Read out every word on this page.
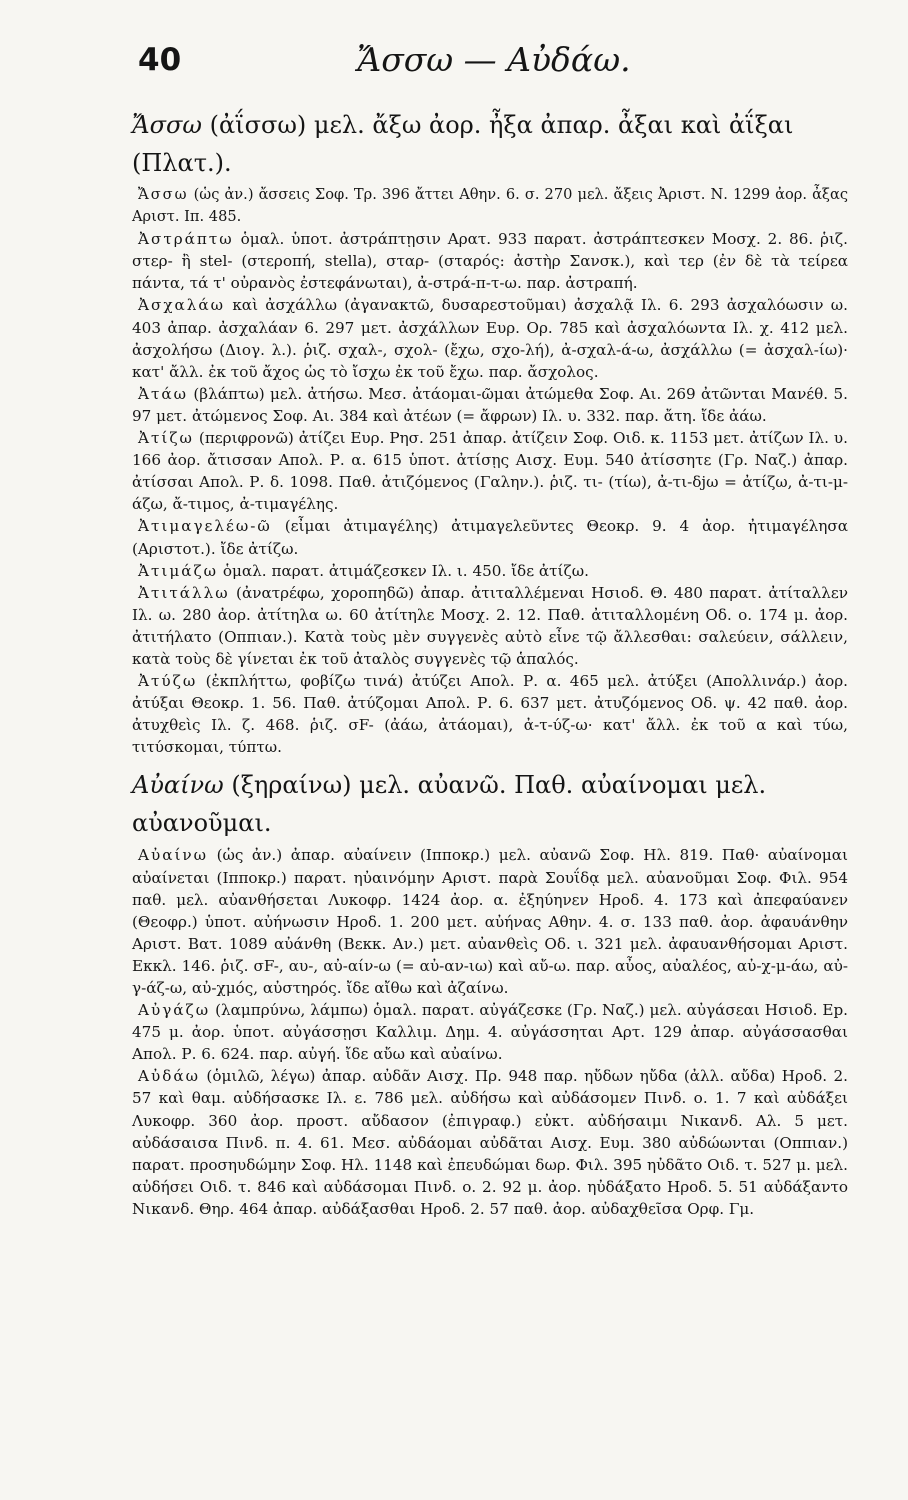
40	Ἄσσω — Αὐδάω.

Ἄσσω (ἀΐσσω) μελ. ἄξω ἀορ. ἦξα ἀπαρ. ἆξαι καὶ ἀΐξαι (Πλατ.).

Ἄσσω (ὡς ἀν.) ἄσσεις Σοφ. Τρ. 396 ἄττει Αθην. 6. σ. 270 μελ. ἄξεις Ἀριστ. Ν. 1299 ἀορ. ἆξας Αριστ. Ιπ. 485.

Ἀστράπτω ὁμαλ. ὑποτ. ἀστράπτῃσιν Αρατ. 933 παρατ. ἀστράπτεσκεν Μοσχ. 2. 86. ῥιζ. στερ- ἢ stel- (στεροπή, stella), σταρ- (σταρός: ἀστὴρ Σανσκ.), καὶ τερ (ἐν δὲ τὰ τείρεα πάντα, τά τ' οὐρανὸς ἐστεφάνωται), ἀ-στρά-π-τ-ω. παρ. ἀστραπή.

Ἀσχαλάω καὶ ἀσχάλλω (ἀγανακτῶ, δυσαρεστοῦμαι) ἀσχαλᾷ Ιλ. 6. 293 ἀσχαλόωσιν ω. 403 ἀπαρ. ἀσχαλάαν 6. 297 μετ. ἀσχάλλων Ευρ. Ορ. 785 καὶ ἀσχαλόωντα Ιλ. χ. 412 μελ. ἀσχολήσω (Διογ. λ.). ῥιζ. σχαλ-, σχολ- (ἔχω, σχο-λή), ἀ-σχαλ-ά-ω, ἀσχάλλω (= ἀσχαλ-ίω)· κατ' ἄλλ. ἐκ τοῦ ἄχος ὡς τὸ ἴσχω ἐκ τοῦ ἔχω. παρ. ἄσχολος.

Ἀτάω (βλάπτω) μελ. ἀτήσω. Μεσ. ἀτάομαι-ῶμαι ἀτώμεθα Σοφ. Αι. 269 ἀτῶνται Μανέθ. 5. 97 μετ. ἀτώμενος Σοφ. Αι. 384 καὶ ἀτέων (= ἄφρων) Ιλ. υ. 332. παρ. ἄτη. ἴδε ἀάω.

Ἀτίζω (περιφρονῶ) ἀτίζει Ευρ. Ρησ. 251 ἀπαρ. ἀτίζειν Σοφ. Οιδ. κ. 1153 μετ. ἀτίζων Ιλ. υ. 166 ἀορ. ἄτισσαν Απολ. Ρ. α. 615 ὑποτ. ἀτίσῃς Αισχ. Ευμ. 540 ἀτίσσητε (Γρ. Ναζ.) ἀπαρ. ἀτίσσαι Απολ. Ρ. δ. 1098. Παθ. ἀτιζόμενος (Γαλην.). ῥιζ. τι- (τίω), ἀ-τι-δjω = ἀτίζω, ἀ-τι-μ-άζω, ἄ-τιμος, ἀ-τιμαγέλης.

Ἀτιμαγελέω-ῶ (εἶμαι ἀτιμαγέλης) ἀτιμαγελεῦντες Θεοκρ. 9. 4 ἀορ. ἠτιμαγέλησα (Αριστοτ.). ἴδε ἀτίζω.

Ἀτιμάζω ὁμαλ. παρατ. ἀτιμάζεσκεν Ιλ. ι. 450. ἴδε ἀτίζω.

Ἀτιτάλλω (ἀνατρέφω, χοροπηδῶ) ἀπαρ. ἀτιταλλέμεναι Ησιοδ. Θ. 480 παρατ. ἀτίταλλεν Ιλ. ω. 280 ἀορ. ἀτίτηλα ω. 60 ἀτίτηλε Μοσχ. 2. 12. Παθ. ἀτιταλλομένη Οδ. ο. 174 μ. ἀορ. ἀτιτήλατο (Οππιαν.). Κατὰ τοὺς μὲν συγγενὲς αὐτὸ εἶνε τῷ ἄλλεσθαι: σαλεύειν, σάλλειν, κατὰ τοὺς δὲ γίνεται ἐκ τοῦ ἀταλὸς συγγενὲς τῷ ἁπαλός.

Ἀτύζω (ἐκπλήττω, φοβίζω τινά) ἀτύζει Απολ. Ρ. α. 465 μελ. ἀτύξει (Απολλινάρ.) ἀορ. ἀτύξαι Θεοκρ. 1. 56. Παθ. ἀτύζομαι Απολ. Ρ. 6. 637 μετ. ἀτυζόμενος Οδ. ψ. 42 παθ. ἀορ. ἀτυχθεὶς Ιλ. ζ. 468. ῥιζ. σF- (ἀάω, ἀτάομαι), ἀ-τ-ύζ-ω· κατ' ἄλλ. ἐκ τοῦ α καὶ τύω, τιτύσκομαι, τύπτω.

Αὐαίνω (ξηραίνω) μελ. αὐανῶ. Παθ. αὐαίνομαι μελ. αὐανοῦμαι.

Αὐαίνω (ὡς ἀν.) ἀπαρ. αὐαίνειν (Ιπποκρ.) μελ. αὐανῶ Σοφ. Ηλ. 819. Παθ· αὐαίνομαι αὐαίνεται (Ιπποκρ.) παρατ. ηὐαινόμην Αριστ. παρὰ Σουΐδᾳ μελ. αὐανοῦμαι Σοφ. Φιλ. 954 παθ. μελ. αὐανθήσεται Λυκοφρ. 1424 ἀορ. α. ἐξηύηνεν Ηροδ. 4. 173 καὶ ἀπεφαύανεν (Θεοφρ.) ὑποτ. αὐήνωσιν Ηροδ. 1. 200 μετ. αὐήνας Αθην. 4. σ. 133 παθ. ἀορ. ἀφαυάνθην Αριστ. Βατ. 1089 αὐάνθη (Βεκκ. Αν.) μετ. αὐανθεὶς Οδ. ι. 321 μελ. ἀφαυανθήσομαι Αριστ. Εκκλ. 146. ῥιζ. σF-, αυ-, αὐ-αίν-ω (= αὐ-αν-ιω) καὶ αὔ-ω. παρ. αὖος, αὐαλέος, αὐ-χ-μ-άω, αὐ-γ-άζ-ω, αὐ-χμός, αὐστηρός. ἴδε αἴθω καὶ ἀζαίνω.

Αὐγάζω (λαμπρύνω, λάμπω) ὁμαλ. παρατ. αὐγάζεσκε (Γρ. Ναζ.) μελ. αὐγάσεαι Ησιοδ. Εp. 475 μ. ἀορ. ὑποτ. αὐγάσσῃσι Καλλιμ. Δημ. 4. αὐγάσσηται Αρτ. 129 ἀπαρ. αὐγάσσασθαι Απολ. Ρ. 6. 624. παρ. αὐγή. ἴδε αὔω καὶ αὐαίνω.

Αὐδάω (ὁμιλῶ, λέγω) ἀπαρ. αὐδᾶν Αισχ. Πρ. 948 παρ. ηὔδων ηὔδα (ἀλλ. αὔδα) Ηροδ. 2. 57 καὶ θαμ. αὐδήσασκε Ιλ. ε. 786 μελ. αὐδήσω καὶ αὐδάσομεν Πινδ. ο. 1. 7 καὶ αὐδάξει Λυκοφρ. 360 ἀορ. προστ. αὔδασον (ἐπιγραφ.) εὐκτ. αὐδήσαιμι Νικανδ. Αλ. 5 μετ. αὐδάσαισα Πινδ. π. 4. 61. Μεσ. αὐδάομαι αὐδᾶται Αισχ. Ευμ. 380 αὐδώωνται (Οππιαν.) παρατ. προσηυδώμην Σοφ. Ηλ. 1148 καὶ ἐπευδώμαι δωρ. Φιλ. 395 ηὐδᾶτο Οιδ. τ. 527 μ. μελ. αὐδήσει Οιδ. τ. 846 καὶ αὐδάσομαι Πινδ. ο. 2. 92 μ. ἀορ. ηὐδάξατο Ηροδ. 5. 51 αὐδάξαντο Νικανδ. Θηρ. 464 ἀπαρ. αὐδάξασθαι Ηροδ. 2. 57 παθ. ἀορ. αὐδαχθεῖσα Ορφ. Γμ.
